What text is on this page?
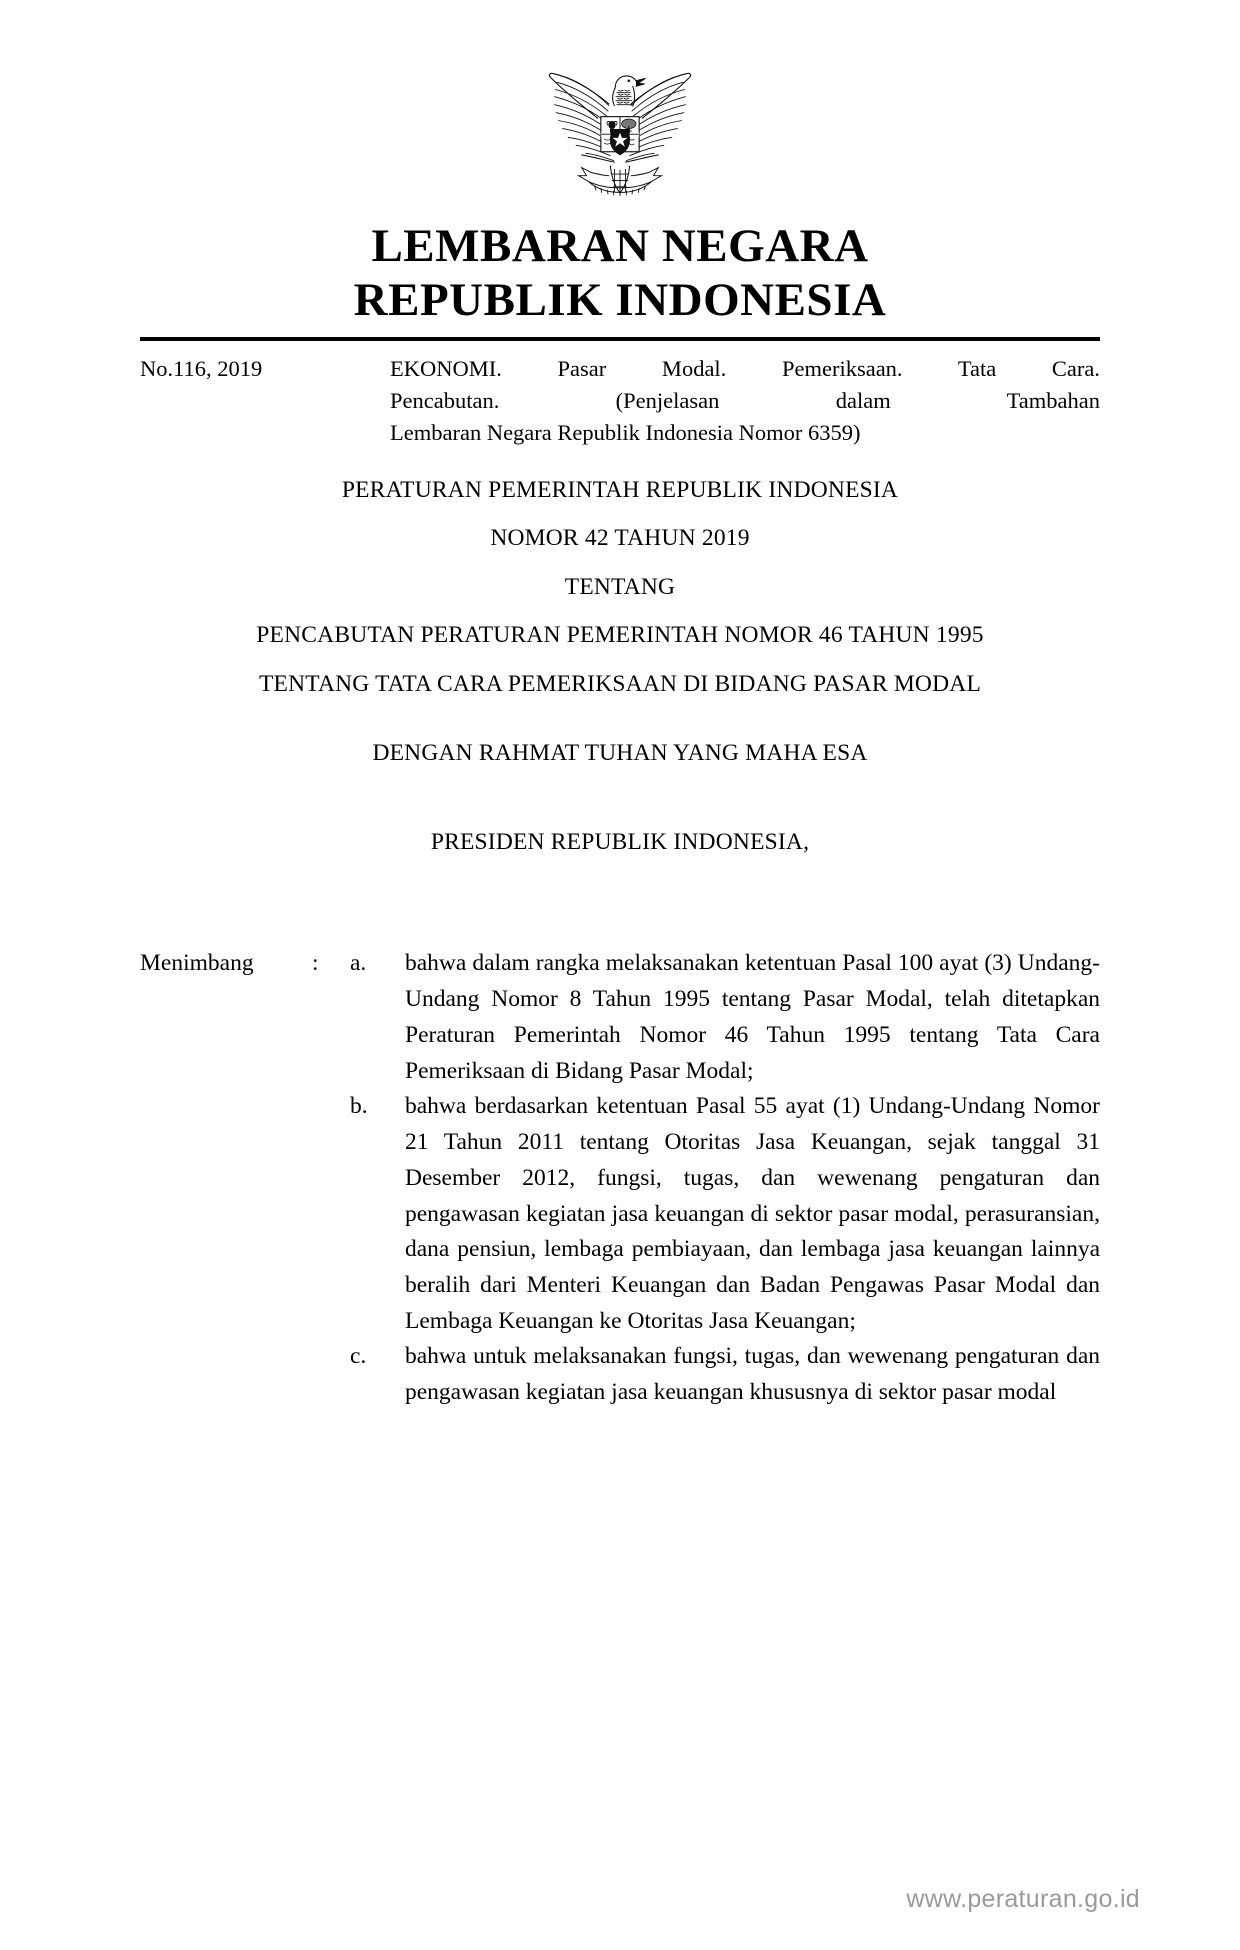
LEMBARAN NEGARA
REPUBLIK INDONESIA
No.116, 2019	EKONOMI. Pasar Modal. Pemeriksaan. Tata Cara.
Pencabutan. (Penjelasan dalam Tambahan
Lembaran Negara Republik Indonesia Nomor 6359)
PERATURAN PEMERINTAH REPUBLIK INDONESIA
NOMOR 42 TAHUN 2019
TENTANG
PENCABUTAN PERATURAN PEMERINTAH NOMOR 46 TAHUN 1995
TENTANG TATA CARA PEMERIKSAAN DI BIDANG PASAR MODAL
DENGAN RAHMAT TUHAN YANG MAHA ESA
PRESIDEN REPUBLIK INDONESIA,
Menimbang	:	a.	bahwa dalam rangka melaksanakan ketentuan Pasal 100 ayat (3) Undang-Undang Nomor 8 Tahun 1995 tentang Pasar Modal, telah ditetapkan Peraturan Pemerintah Nomor 46 Tahun 1995 tentang Tata Cara Pemeriksaan di Bidang Pasar Modal;
b.	bahwa berdasarkan ketentuan Pasal 55 ayat (1) Undang-Undang Nomor 21 Tahun 2011 tentang Otoritas Jasa Keuangan, sejak tanggal 31 Desember 2012, fungsi, tugas, dan wewenang pengaturan dan pengawasan kegiatan jasa keuangan di sektor pasar modal, perasuransian, dana pensiun, lembaga pembiayaan, dan lembaga jasa keuangan lainnya beralih dari Menteri Keuangan dan Badan Pengawas Pasar Modal dan Lembaga Keuangan ke Otoritas Jasa Keuangan;
c.	bahwa untuk melaksanakan fungsi, tugas, dan wewenang pengaturan dan pengawasan kegiatan jasa keuangan khususnya di sektor pasar modal
www.peraturan.go.id
